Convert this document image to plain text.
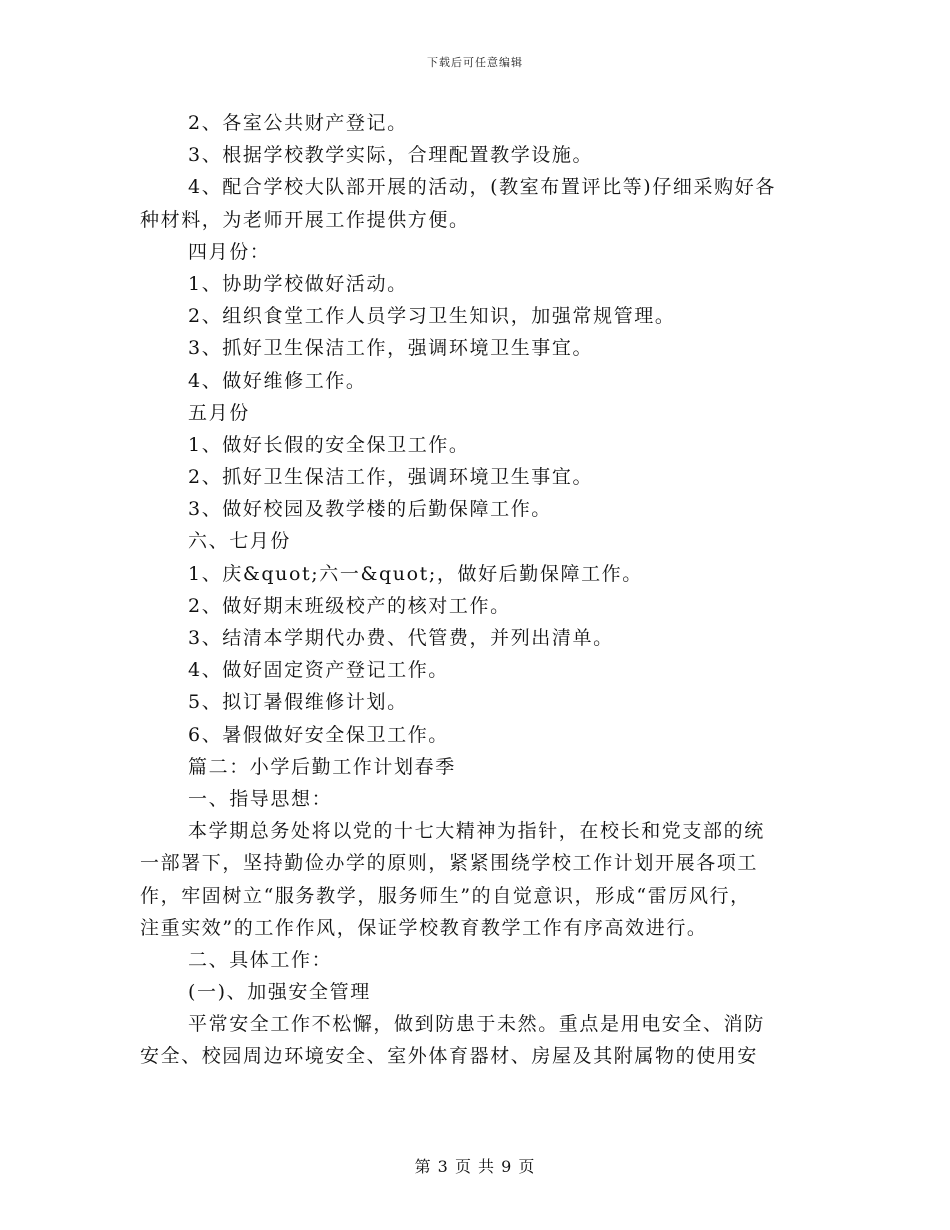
下载后可任意编辑
2、各室公共财产登记。
3、根据学校教学实际，合理配置教学设施。
4、配合学校大队部开展的活动，(教室布置评比等)仔细采购好各
种材料，为老师开展工作提供方便。
四月份：
1、协助学校做好活动。
2、组织食堂工作人员学习卫生知识，加强常规管理。
3、抓好卫生保洁工作，强调环境卫生事宜。
4、做好维修工作。
五月份
1、做好长假的安全保卫工作。
2、抓好卫生保洁工作，强调环境卫生事宜。
3、做好校园及教学楼的后勤保障工作。
六、七月份
1、庆&quot;六一&quot;，做好后勤保障工作。
2、做好期末班级校产的核对工作。
3、结清本学期代办费、代管费，并列出清单。
4、做好固定资产登记工作。
5、拟订暑假维修计划。
6、暑假做好安全保卫工作。
篇二：小学后勤工作计划春季
一、指导思想：
本学期总务处将以党的十七大精神为指针，在校长和党支部的统
一部署下，坚持勤俭办学的原则，紧紧围绕学校工作计划开展各项工
作，牢固树立“服务教学，服务师生”的自觉意识，形成“雷厉风行，
注重实效”的工作作风，保证学校教育教学工作有序高效进行。
二、具体工作：
(一)、加强安全管理
平常安全工作不松懈，做到防患于未然。重点是用电安全、消防
安全、校园周边环境安全、室外体育器材、房屋及其附属物的使用安
第 3 页 共 9 页
